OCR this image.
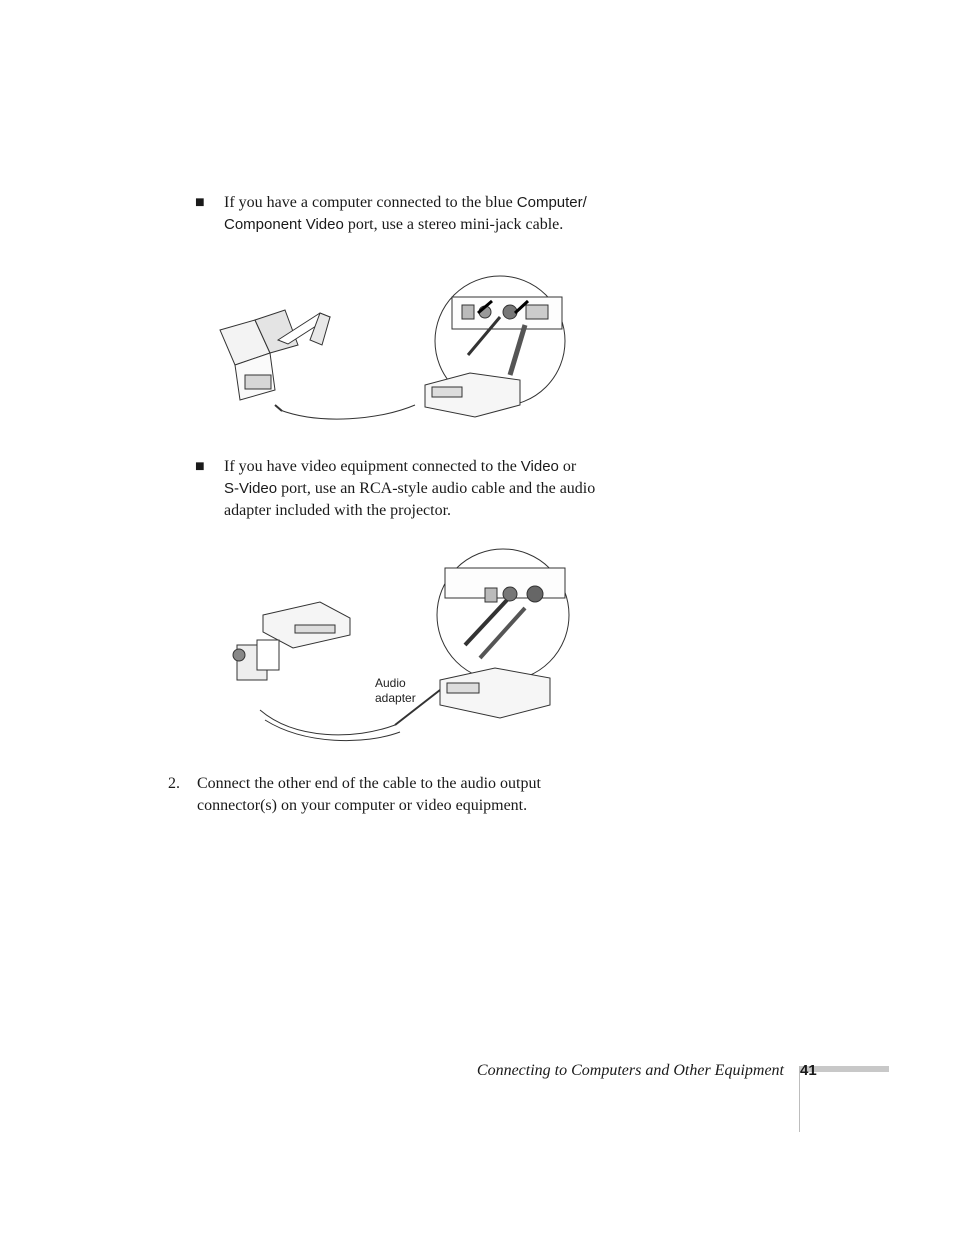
■ If you have a computer connected to the blue Computer/
Component Video port, use a stereo mini-jack cable.
■ If you have video equipment connected to the Video or
S-Video port, use an RCA-style audio cable and the audio
adapter included with the projector.
Audio
adapter
2. Connect the other end of the cable to the audio output
connector(s) on your computer or video equipment.
Connecting to Computers and Other Equipment 41
